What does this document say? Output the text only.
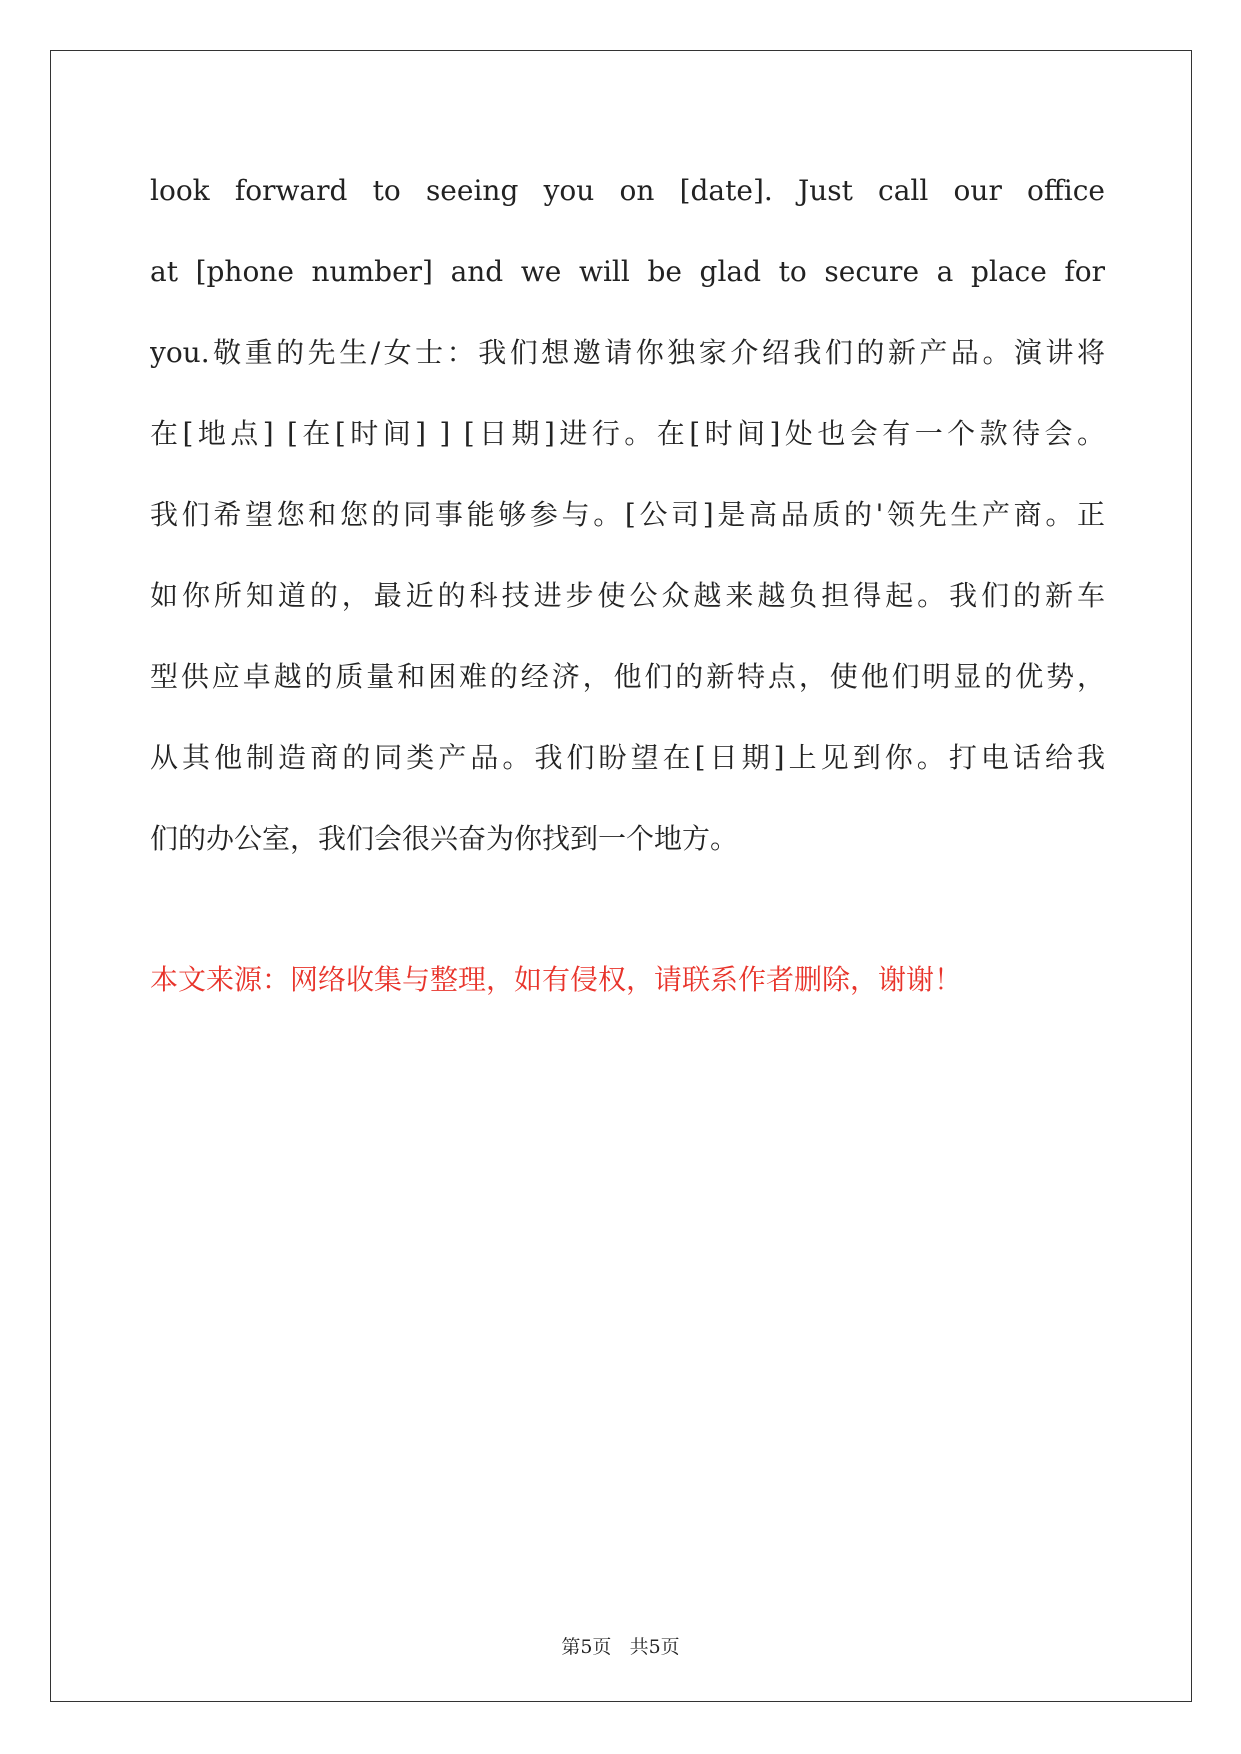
look forward to seeing you on [date]. Just call our office
at [phone number] and we will be glad to secure a place for
you.敬重的先生/女士：我们想邀请你独家介绍我们的新产品。演讲将
在[地点] [在[时间] ] [日期]进行。在[时间]处也会有一个款待会。
我们希望您和您的同事能够参与。[公司]是高品质的'领先生产商。正
如你所知道的，最近的科技进步使公众越来越负担得起。我们的新车
型供应卓越的质量和困难的经济，他们的新特点，使他们明显的优势，
从其他制造商的同类产品。我们盼望在[日期]上见到你。打电话给我
们的办公室，我们会很兴奋为你找到一个地方。

本文来源：网络收集与整理，如有侵权，请联系作者删除，谢谢！

第5页 共5页
